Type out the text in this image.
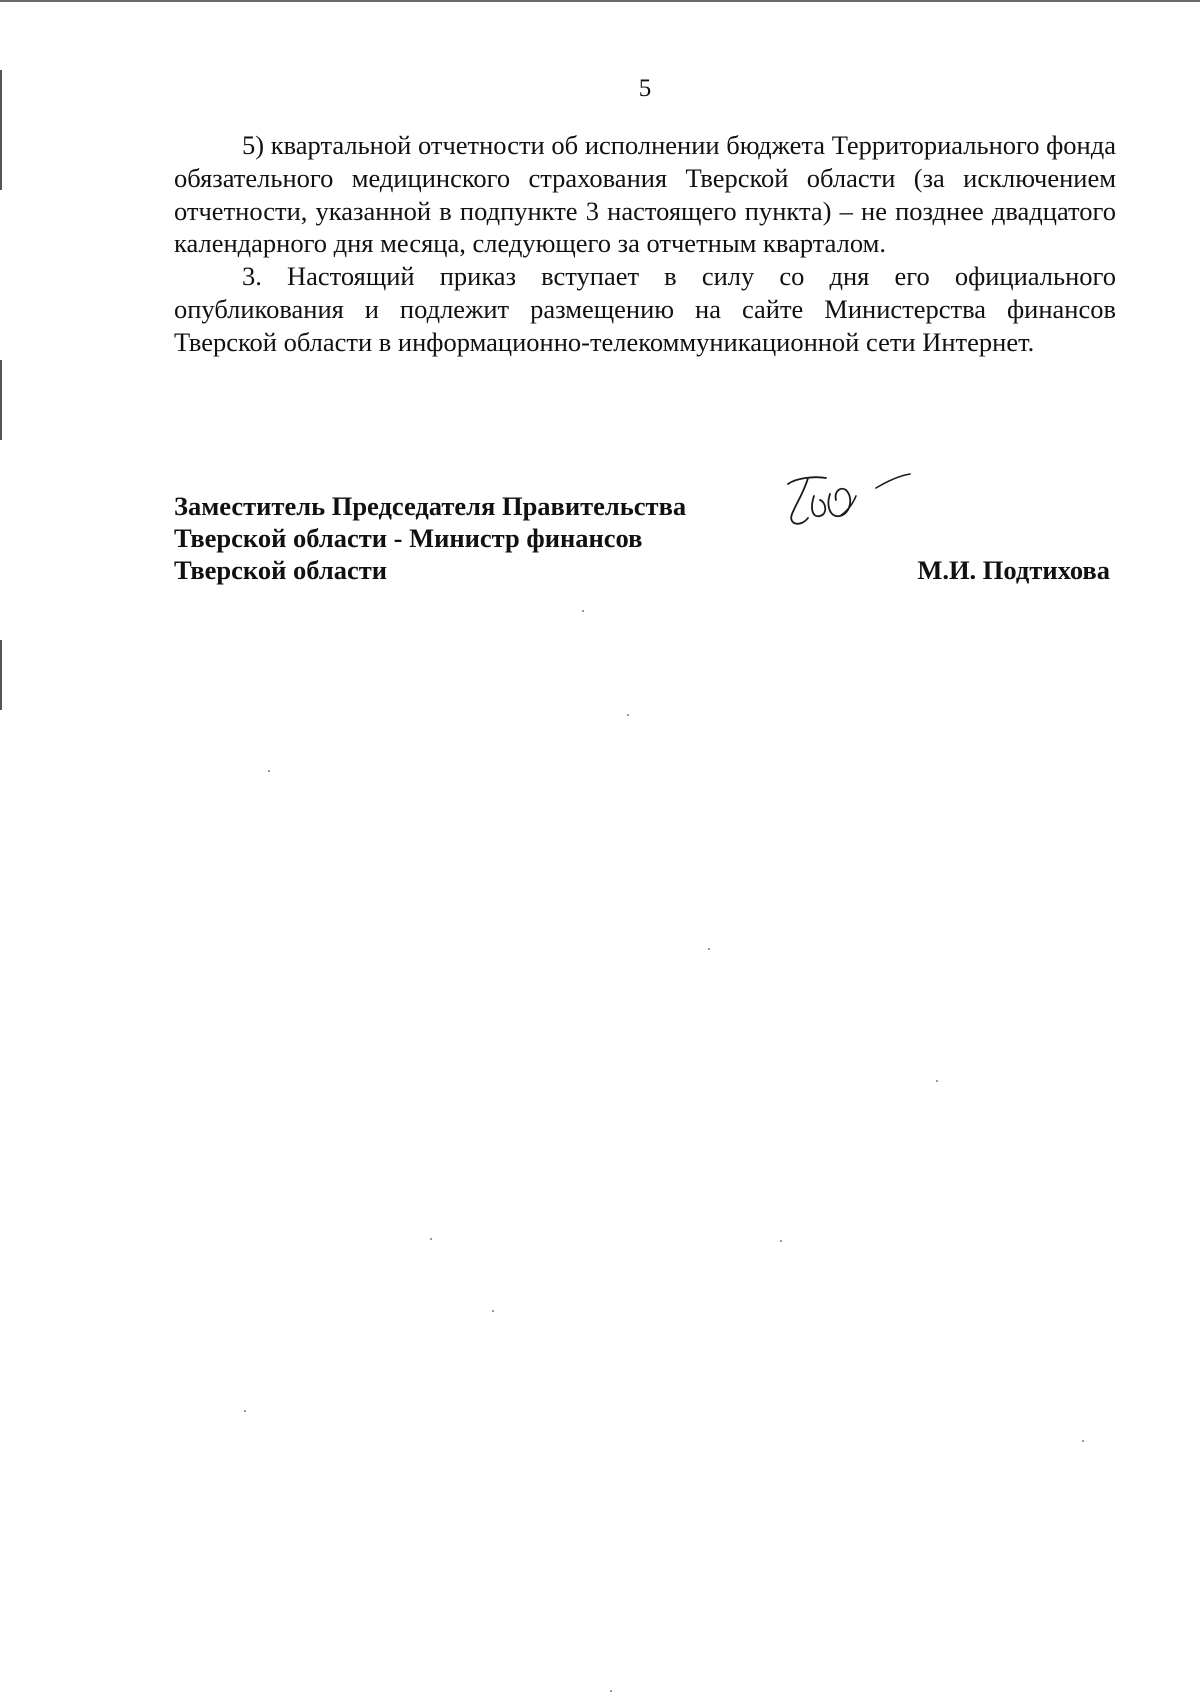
5

5) квартальной отчетности об исполнении бюджета Территориального фонда обязательного медицинского страхования Тверской области (за исключением отчетности, указанной в подпункте 3 настоящего пункта) – не позднее двадцатого календарного дня месяца, следующего за отчетным кварталом.

3. Настоящий приказ вступает в силу со дня его официального опубликования и подлежит размещению на сайте Министерства финансов Тверской области в информационно-телекоммуникационной сети Интернет.

Заместитель Председателя Правительства
Тверской области - Министр финансов
Тверской области	М.И. Подтихова
